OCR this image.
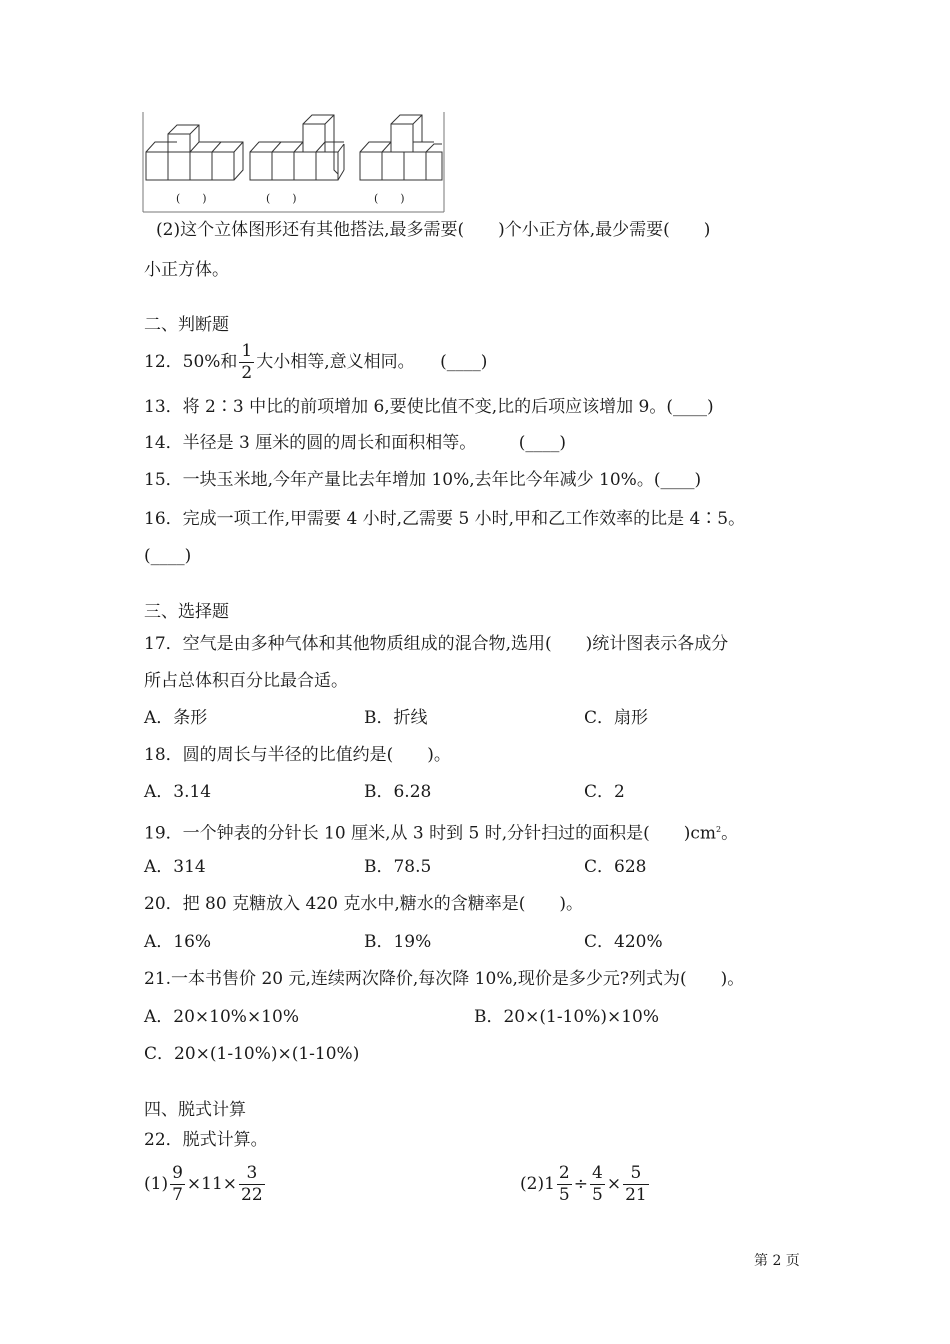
(　　)	(　　)	(　　)
(2)这个立体图形还有其他搭法,最多需要(　　)个小正方体,最少需要(　　)
小正方体。
二、判断题
12．50%和 $\frac{1}{2}$ 大小相等,意义相同。　　(____)
13．将 2∶3 中比的前项增加 6,要使比值不变,比的后项应该增加 9。(____)
14．半径是 3 厘米的圆的周长和面积相等。　　　(____)
15．一块玉米地,今年产量比去年增加 10%,去年比今年减少 10%。(____)
16．完成一项工作,甲需要 4 小时,乙需要 5 小时,甲和乙工作效率的比是 4∶5。
(____)
三、选择题
17．空气是由多种气体和其他物质组成的混合物,选用(　　)统计图表示各成分
所占总体积百分比最合适。
A．条形	B．折线	C．扇形
18．圆的周长与半径的比值约是(　　)。
A．3.14	B．6.28	C．2
19．一个钟表的分针长 10 厘米,从 3 时到 5 时,分针扫过的面积是(　　)$cm^2$。
A．314	B．78.5	C．628
20．把 80 克糖放入 420 克水中,糖水的含糖率是(　　)。
A．16%	B．19%	C．420%
21.一本书售价 20 元,连续两次降价,每次降 10%,现价是多少元?列式为(　　)。
A．20×10%×10%	B．20×(1-10%)×10%
C．20×(1-10%)×(1-10%)
四、脱式计算
22．脱式计算。
$(1) \frac{9}{7} \times 11\times \frac{3}{22}$	$(2)1 \frac{2}{5} \div \frac{4}{5} \times \frac{5}{21}$
第 2 页
